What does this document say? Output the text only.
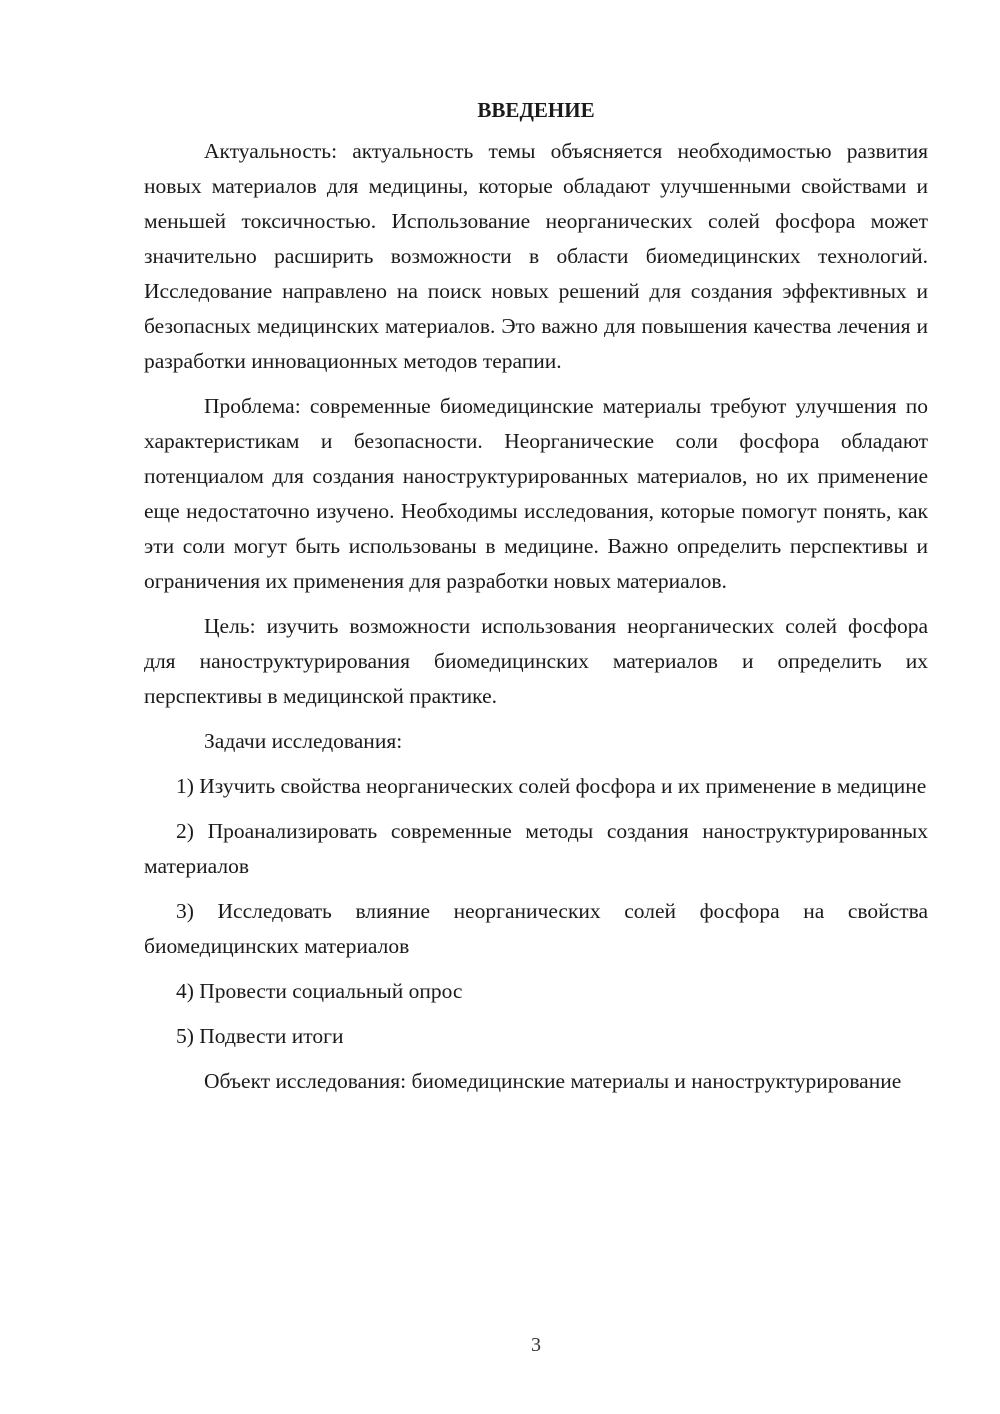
ВВЕДЕНИЕ

Актуальность: актуальность темы объясняется необходимостью развития новых материалов для медицины, которые обладают улучшенными свойствами и меньшей токсичностью. Использование неорганических солей фосфора может значительно расширить возможности в области биомедицинских технологий. Исследование направлено на поиск новых решений для создания эффективных и безопасных медицинских материалов. Это важно для повышения качества лечения и разработки инновационных методов терапии.

Проблема: современные биомедицинские материалы требуют улучшения по характеристикам и безопасности. Неорганические соли фосфора обладают потенциалом для создания наноструктурированных материалов, но их применение еще недостаточно изучено. Необходимы исследования, которые помогут понять, как эти соли могут быть использованы в медицине. Важно определить перспективы и ограничения их применения для разработки новых материалов.

Цель: изучить возможности использования неорганических солей фосфора для наноструктурирования биомедицинских материалов и определить их перспективы в медицинской практике.

Задачи исследования:

1) Изучить свойства неорганических солей фосфора и их применение в медицине

2) Проанализировать современные методы создания наноструктурированных материалов

3) Исследовать влияние неорганических солей фосфора на свойства биомедицинских материалов

4) Провести социальный опрос

5) Подвести итоги

Объект исследования: биомедицинские материалы и наноструктурирование

3
